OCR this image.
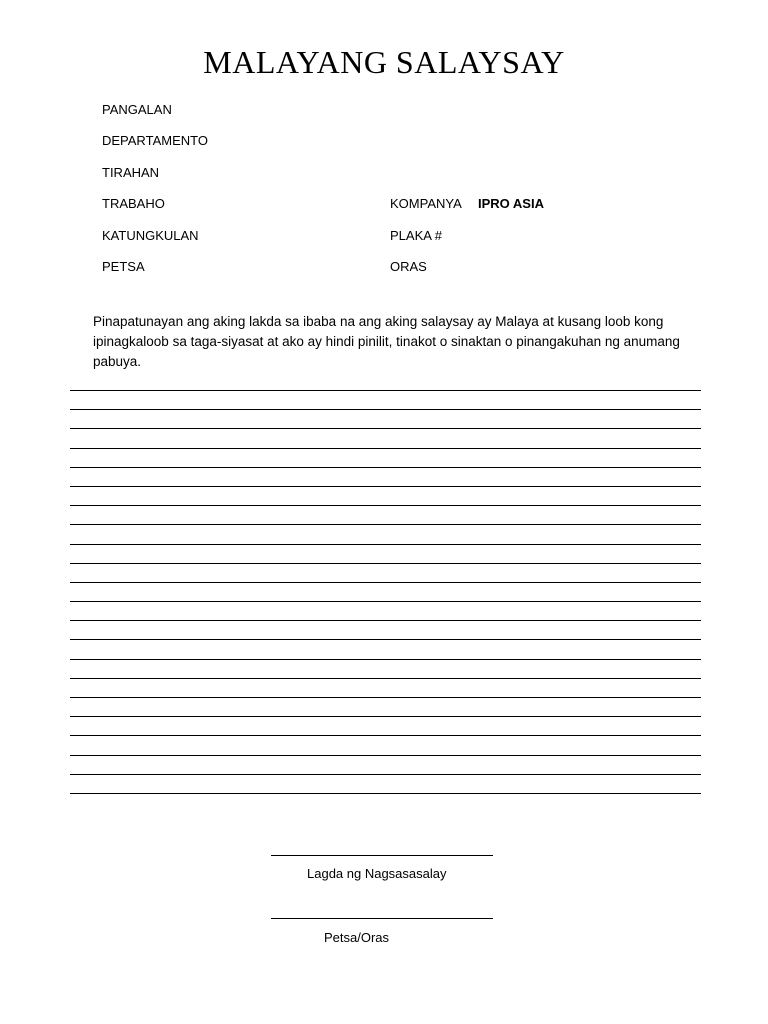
MALAYANG SALAYSAY
PANGALAN
DEPARTAMENTO
TIRAHAN
TRABAHO
KATUNGKULAN
PETSA
KOMPANYA IPRO ASIA
PLAKA #
ORAS
Pinapatunayan ang aking lakda sa ibaba na ang aking salaysay ay Malaya at kusang loob kong ipinagkaloob sa taga-siyasat at ako ay hindi pinilit, tinakot o sinaktan o pinangakuhan ng anumang pabuya.
Lagda ng Nagsasasalay
Petsa/Oras
